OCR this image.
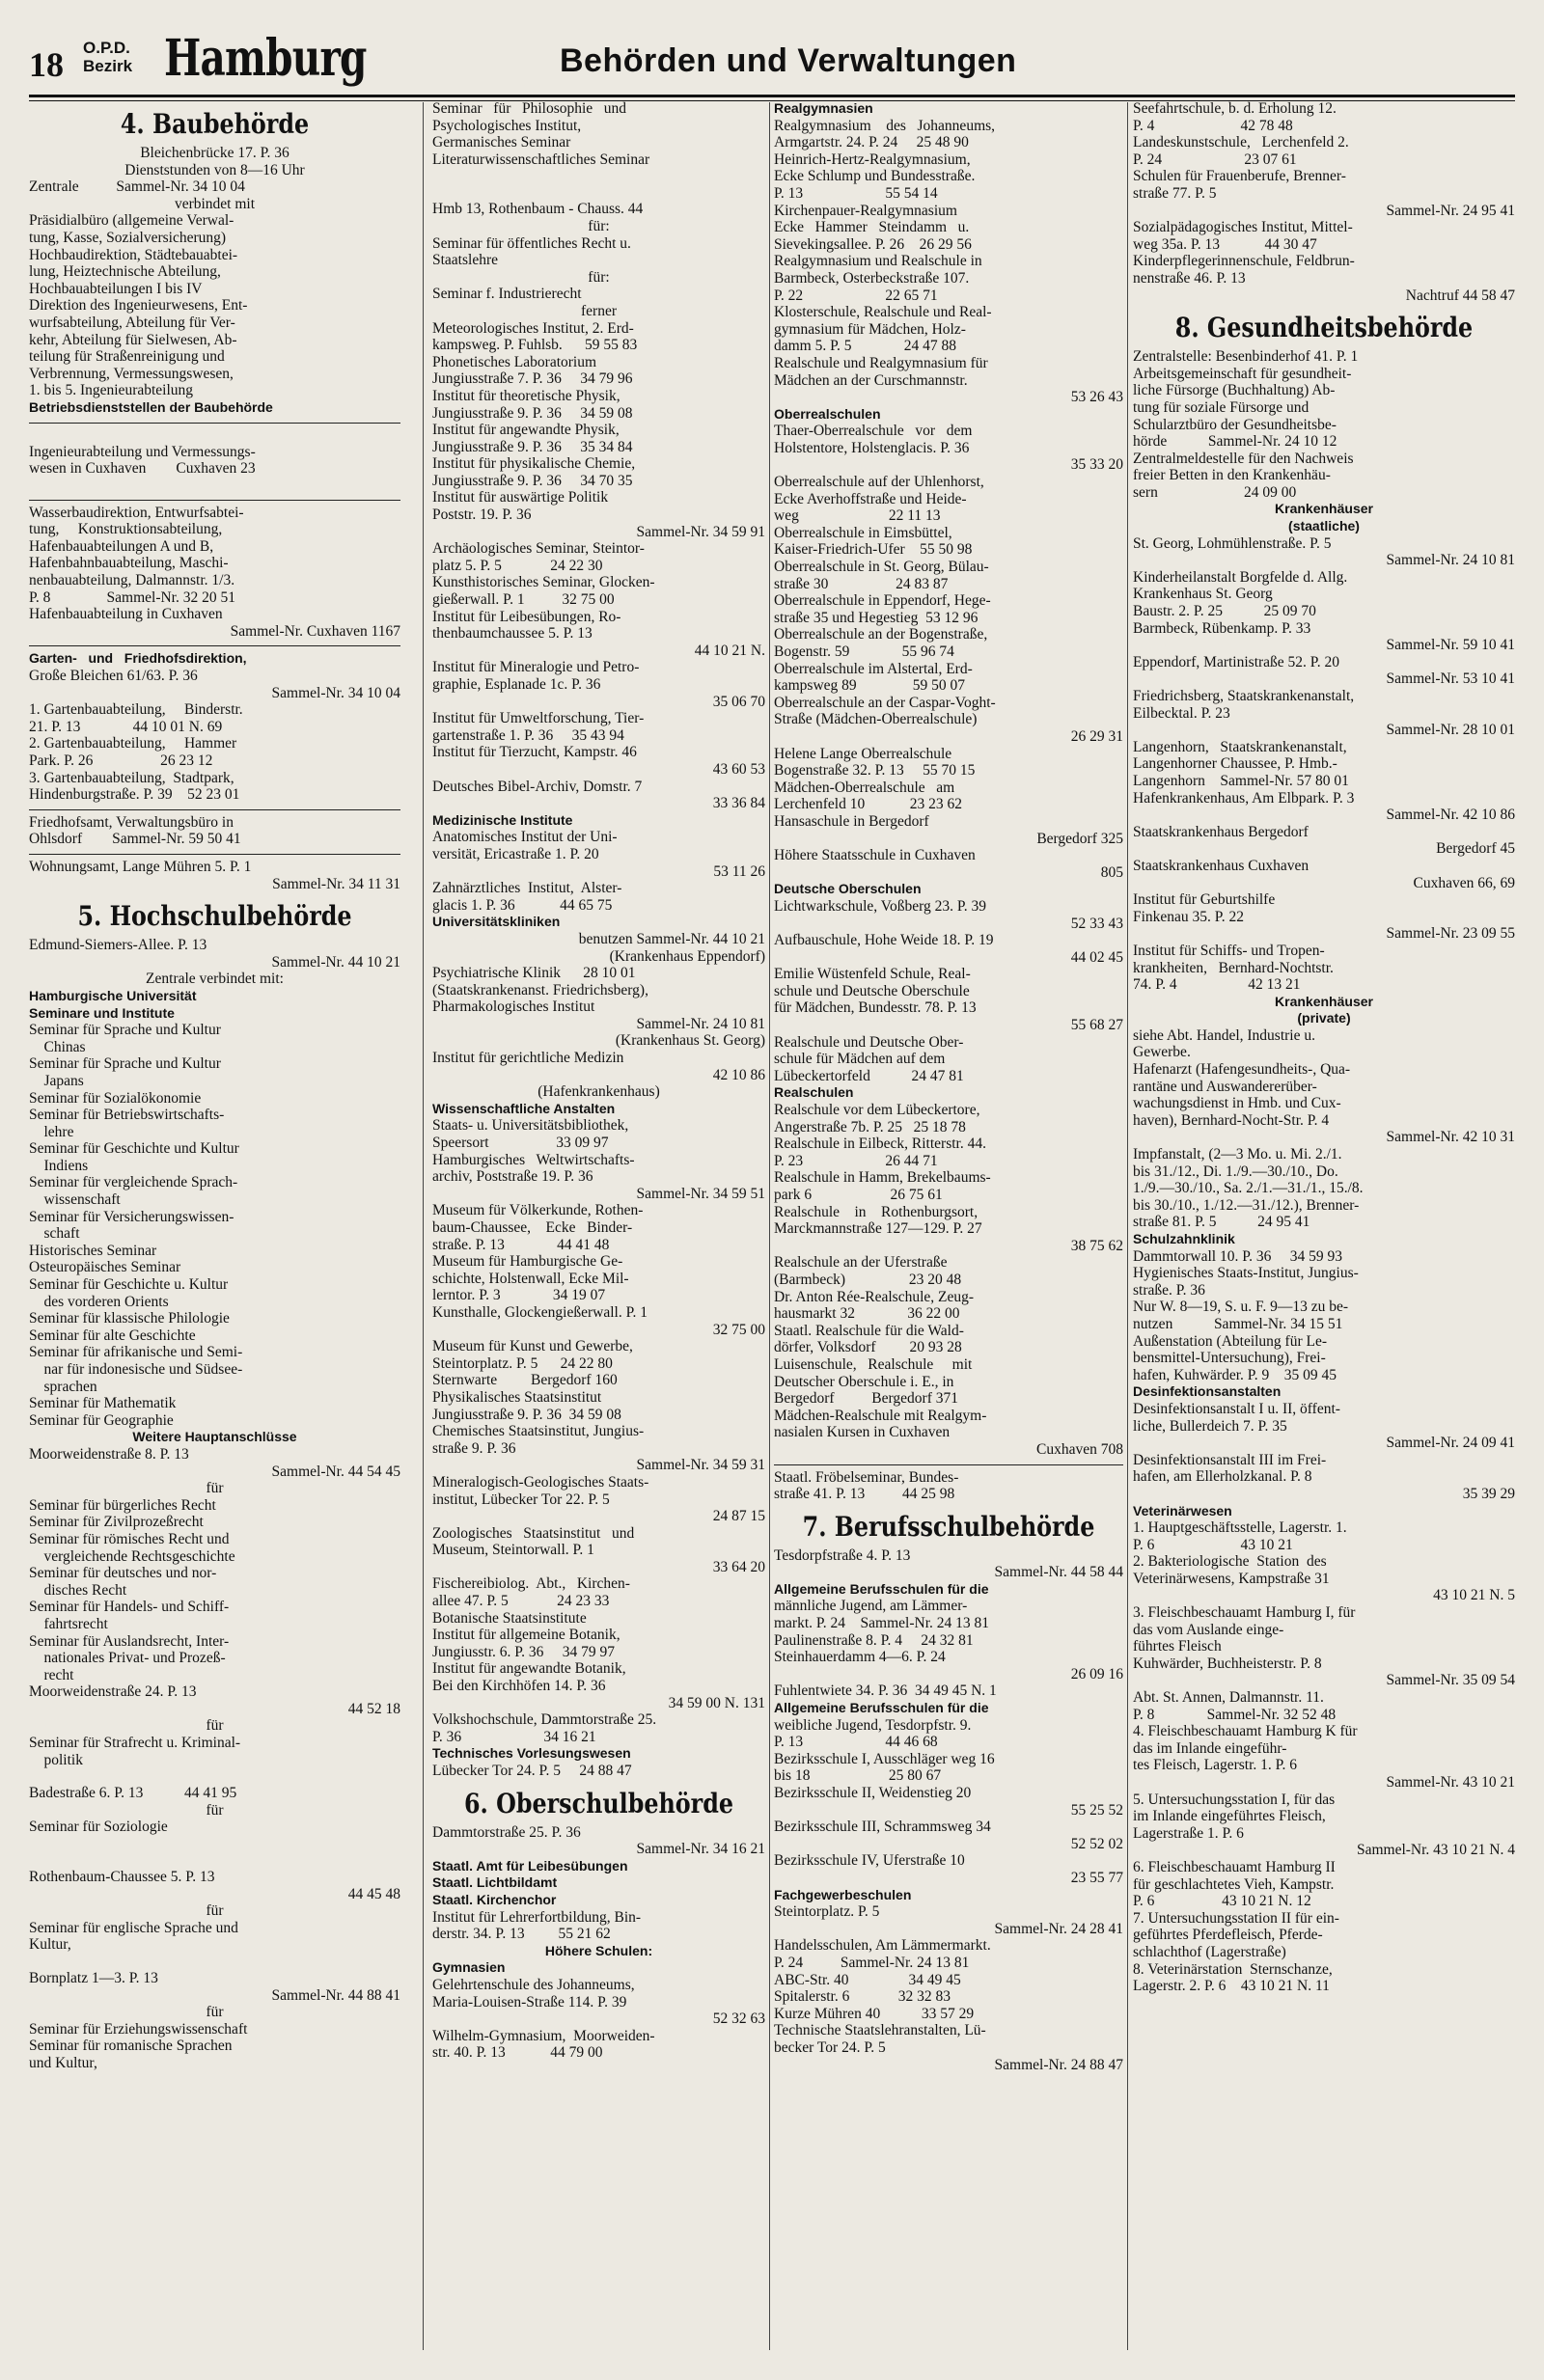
18 O.P.D.
Bezirk Hamburg	Behörden und Verwaltungen
4. Baubehörde
Bleichenbrücke 17. P. 36
Dienststunden von 8—16 Uhr
Zentrale          Sammel-Nr. 34 10 04
verbindet mit
Präsidialbüro (allgemeine Verwal-
tung, Kasse, Sozialversicherung)
Hochbaudirektion, Städtebauabtei-
lung, Heiztechnische Abteilung,
Hochbauabteilungen I bis IV
Direktion des Ingenieurwesens, Ent-
wurfsabteilung, Abteilung für Ver-
kehr, Abteilung für Sielwesen, Ab-
teilung für Straßenreinigung und
Verbrennung, Vermessungswesen,
1. bis 5. Ingenieurabteilung
Betriebsdienststellen der Baubehörde
Ingenieurabteilung und Vermessungs-
wesen in Cuxhaven        Cuxhaven 23
Wasserbaudirektion, Entwurfsabtei-
tung,     Konstruktionsabteilung,
Hafenbauabteilungen A und B,
Hafenbahnbauabteilung, Maschi-
nenbauabteilung, Dalmannstr. 1/3.
P. 8               Sammel-Nr. 32 20 51
Hafenbauabteilung in Cuxhaven
Sammel-Nr. Cuxhaven 1167
Garten-   und   Friedhofsdirektion,
Große Bleichen 61/63. P. 36
Sammel-Nr. 34 10 04
1. Gartenbauabteilung,     Binderstr.
21. P. 13              44 10 01 N. 69
2. Gartenbauabteilung,     Hammer
Park. P. 26                  26 23 12
3. Gartenbauabteilung,  Stadtpark,
Hindenburgstraße. P. 39    52 23 01
Friedhofsamt, Verwaltungsbüro in
Ohlsdorf        Sammel-Nr. 59 50 41
Wohnungsamt, Lange Mühren 5. P. 1
Sammel-Nr. 34 11 31
5. Hochschulbehörde
Edmund-Siemers-Allee. P. 13
Sammel-Nr. 44 10 21
Zentrale verbindet mit:
Hamburgische Universität
Seminare und Institute
Seminar für Sprache und Kultur
Chinas
Seminar für Sprache und Kultur
Japans
Seminar für Sozialökonomie
Seminar für Betriebswirtschafts-
lehre
Seminar für Geschichte und Kultur
Indiens
Seminar für vergleichende Sprach-
wissenschaft
Seminar für Versicherungswissen-
schaft
Historisches Seminar
Osteuropäisches Seminar
Seminar für Geschichte u. Kultur
des vorderen Orients
Seminar für klassische Philologie
Seminar für alte Geschichte
Seminar für afrikanische und Semi-
nar für indonesische und Südsee-
sprachen
Seminar für Mathematik
Seminar für Geographie
Weitere Hauptanschlüsse
Moorweidenstraße 8. P. 13
Sammel-Nr. 44 54 45
für
Seminar für bürgerliches Recht
Seminar für Zivilprozeßrecht
Seminar für römisches Recht und
vergleichende Rechtsgeschichte
Seminar für deutsches und nor-
disches Recht
Seminar für Handels- und Schiff-
fahrtsrecht
Seminar für Auslandsrecht, Inter-
nationales Privat- und Prozeß-
recht
Moorweidenstraße 24. P. 13
44 52 18
für
Seminar für Strafrecht u. Kriminal-
politik
Badestraße 6. P. 13           44 41 95
für
Seminar für Soziologie
Rothenbaum-Chaussee 5. P. 13
44 45 48
für
Seminar für englische Sprache und
Kultur,
Bornplatz 1—3. P. 13
Sammel-Nr. 44 88 41
für
Seminar für Erziehungswissenschaft
Seminar für romanische Sprachen
und Kultur,
Seminar   für   Philosophie   und
Psychologisches Institut,
Germanisches Seminar
Literaturwissenschaftliches Seminar
Hmb 13, Rothenbaum - Chauss. 44
für:
Seminar für öffentliches Recht u.
Staatslehre
für:
Seminar f. Industrierecht
ferner
Meteorologisches Institut, 2. Erd-
kampsweg. P. Fuhlsb.      59 55 83
Phonetisches Laboratorium
Jungiusstraße 7. P. 36     34 79 96
Institut für theoretische Physik,
Jungiusstraße 9. P. 36     34 59 08
Institut für angewandte Physik,
Jungiusstraße 9. P. 36     35 34 84
Institut für physikalische Chemie,
Jungiusstraße 9. P. 36     34 70 35
Institut für auswärtige Politik
Poststr. 19. P. 36
Sammel-Nr. 34 59 91
Archäologisches Seminar, Steintor-
platz 5. P. 5             24 22 30
Kunsthistorisches Seminar, Glocken-
gießerwall. P. 1          32 75 00
Institut für Leibesübungen, Ro-
thenbaumchaussee 5. P. 13
44 10 21 N.
Institut für Mineralogie und Petro-
graphie, Esplanade 1c. P. 36
35 06 70
Institut für Umweltforschung, Tier-
gartenstraße 1. P. 36     35 43 94
Institut für Tierzucht, Kampstr. 46
43 60 53
Deutsches Bibel-Archiv, Domstr. 7
33 36 84
Medizinische Institute
Anatomisches Institut der Uni-
versität, Ericastraße 1. P. 20
53 11 26
Zahnärztliches  Institut,  Alster-
glacis 1. P. 36            44 65 75
Universitätskliniken
benutzen Sammel-Nr. 44 10 21
(Krankenhaus Eppendorf)
Psychiatrische Klinik      28 10 01
(Staatskrankenanst. Friedrichsberg),
Pharmakologisches Institut
Sammel-Nr. 24 10 81
(Krankenhaus St. Georg)
Institut für gerichtliche Medizin
42 10 86
(Hafenkrankenhaus)
Wissenschaftliche Anstalten
Staats- u. Universitätsbibliothek,
Speersort                  33 09 97
Hamburgisches   Weltwirtschafts-
archiv, Poststraße 19. P. 36
Sammel-Nr. 34 59 51
Museum für Völkerkunde, Rothen-
baum-Chaussee,    Ecke   Binder-
straße. P. 13              44 41 48
Museum für Hamburgische Ge-
schichte, Holstenwall, Ecke Mil-
lerntor. P. 3              34 19 07
Kunsthalle, Glockengießerwall. P. 1
32 75 00
Museum für Kunst und Gewerbe,
Steintorplatz. P. 5      24 22 80
Sternwarte         Bergedorf 160
Physikalisches Staatsinstitut
Jungiusstraße 9. P. 36  34 59 08
Chemisches Staatsinstitut, Jungius-
straße 9. P. 36
Sammel-Nr. 34 59 31
Mineralogisch-Geologisches Staats-
institut, Lübecker Tor 22. P. 5
24 87 15
Zoologisches   Staatsinstitut   und
Museum, Steintorwall. P. 1
33 64 20
Fischereibiolog.  Abt.,   Kirchen-
allee 47. P. 5             24 23 33
Botanische Staatsinstitute
Institut für allgemeine Botanik,
Jungiusstr. 6. P. 36     34 79 97
Institut für angewandte Botanik,
Bei den Kirchhöfen 14. P. 36
34 59 00 N. 131
Volkshochschule, Dammtorstraße 25.
P. 36                      34 16 21
Technisches Vorlesungswesen
Lübecker Tor 24. P. 5     24 88 47
6. Oberschulbehörde
Dammtorstraße 25. P. 36
Sammel-Nr. 34 16 21
Staatl. Amt für Leibesübungen
Staatl. Lichtbildamt
Staatl. Kirchenchor
Institut für Lehrerfortbildung, Bin-
derstr. 34. P. 13         55 21 62
Höhere Schulen:
Gymnasien
Gelehrtenschule des Johanneums,
Maria-Louisen-Straße 114. P. 39
52 32 63
Wilhelm-Gymnasium,  Moorweiden-
str. 40. P. 13            44 79 00
Realgymnasien
Realgymnasium    des   Johanneums,
Armgartstr. 24. P. 24     25 48 90
Heinrich-Hertz-Realgymnasium,
Ecke Schlump und Bundesstraße.
P. 13                      55 54 14
Kirchenpauer-Realgymnasium
Ecke   Hammer   Steindamm   u.
Sievekingsallee. P. 26    26 29 56
Realgymnasium und Realschule in
Barmbeck, Osterbeckstraße 107.
P. 22                      22 65 71
Klosterschule, Realschule und Real-
gymnasium für Mädchen, Holz-
damm 5. P. 5              24 47 88
Realschule und Realgymnasium für
Mädchen an der Curschmannstr.
53 26 43
Oberrealschulen
Thaer-Oberrealschule   vor   dem
Holstentore, Holstenglacis. P. 36
35 33 20
Oberrealschule auf der Uhlenhorst,
Ecke Averhoffstraße und Heide-
weg                        22 11 13
Oberrealschule in Eimsbüttel,
Kaiser-Friedrich-Ufer    55 50 98
Oberrealschule in St. Georg, Bülau-
straße 30                  24 83 87
Oberrealschule in Eppendorf, Hege-
straße 35 und Hegestieg  53 12 96
Oberrealschule an der Bogenstraße,
Bogenstr. 59              55 96 74
Oberrealschule im Alstertal, Erd-
kampsweg 89               59 50 07
Oberrealschule an der Caspar-Voght-
Straße (Mädchen-Oberrealschule)
26 29 31
Helene Lange Oberrealschule
Bogenstraße 32. P. 13     55 70 15
Mädchen-Oberrealschule   am
Lerchenfeld 10            23 23 62
Hansaschule in Bergedorf
Bergedorf 325
Höhere Staatsschule in Cuxhaven
805
Deutsche Oberschulen
Lichtwarkschule, Voßberg 23. P. 39
52 33 43
Aufbauschule, Hohe Weide 18. P. 19
44 02 45
Emilie Wüstenfeld Schule, Real-
schule und Deutsche Oberschule
für Mädchen, Bundesstr. 78. P. 13
55 68 27
Realschule und Deutsche Ober-
schule für Mädchen auf dem
Lübeckertorfeld           24 47 81
Realschulen
Realschule vor dem Lübeckertore,
Angerstraße 7b. P. 25   25 18 78
Realschule in Eilbeck, Ritterstr. 44.
P. 23                      26 44 71
Realschule in Hamm, Brekelbaums-
park 6                     26 75 61
Realschule    in    Rothenburgsort,
Marckmannstraße 127—129. P. 27
38 75 62
Realschule an der Uferstraße
(Barmbeck)                 23 20 48
Dr. Anton Rée-Realschule, Zeug-
hausmarkt 32              36 22 00
Staatl. Realschule für die Wald-
dörfer, Volksdorf         20 93 28
Luisenschule,   Realschule     mit
Deutscher Oberschule i. E., in
Bergedorf          Bergedorf 371
Mädchen-Realschule mit Realgym-
nasialen Kursen in Cuxhaven
Cuxhaven 708
Staatl. Fröbelseminar, Bundes-
straße 41. P. 13          44 25 98
7. Berufsschulbehörde
Tesdorpfstraße 4. P. 13
Sammel-Nr. 44 58 44
Allgemeine Berufsschulen für die
männliche Jugend, am Lämmer-
markt. P. 24    Sammel-Nr. 24 13 81
Paulinenstraße 8. P. 4     24 32 81
Steinhauerdamm 4—6. P. 24
26 09 16
Fuhlentwiete 34. P. 36  34 49 45 N. 1
Allgemeine Berufsschulen für die
weibliche Jugend, Tesdorpfstr. 9.
P. 13                      44 46 68
Bezirksschule I, Ausschläger weg 16
bis 18                     25 80 67
Bezirksschule II, Weidenstieg 20
55 25 52
Bezirksschule III, Schrammsweg 34
52 52 02
Bezirksschule IV, Uferstraße 10
23 55 77
Fachgewerbeschulen
Steintorplatz. P. 5
Sammel-Nr. 24 28 41
Handelsschulen, Am Lämmermarkt.
P. 24          Sammel-Nr. 24 13 81
ABC-Str. 40                34 49 45
Spitalerstr. 6             32 32 83
Kurze Mühren 40           33 57 29
Technische Staatslehranstalten, Lü-
becker Tor 24. P. 5
Sammel-Nr. 24 88 47
Seefahrtschule, b. d. Erholung 12.
P. 4                       42 78 48
Landeskunstschule,   Lerchenfeld 2.
P. 24                      23 07 61
Schulen für Frauenberufe, Brenner-
straße 77. P. 5
Sammel-Nr. 24 95 41
Sozialpädagogisches Institut, Mittel-
weg 35a. P. 13            44 30 47
Kinderpflegerinnenschule, Feldbrun-
nenstraße 46. P. 13
Nachtruf 44 58 47
8. Gesundheitsbehörde
Zentralstelle: Besenbinderhof 41. P. 1
Arbeitsgemeinschaft für gesundheit-
liche Fürsorge (Buchhaltung) Ab-
tung für soziale Fürsorge und
Schularztbüro der Gesundheitsbe-
hörde           Sammel-Nr. 24 10 12
Zentralmeldestelle für den Nachweis
freier Betten in den Krankenhäu-
sern                       24 09 00
Krankenhäuser
(staatliche)
St. Georg, Lohmühlenstraße. P. 5
Sammel-Nr. 24 10 81
Kinderheilanstalt Borgfelde d. Allg.
Krankenhaus St. Georg
Baustr. 2. P. 25           25 09 70
Barmbeck, Rübenkamp. P. 33
Sammel-Nr. 59 10 41
Eppendorf, Martinistraße 52. P. 20
Sammel-Nr. 53 10 41
Friedrichsberg, Staatskrankenanstalt,
Eilbecktal. P. 23
Sammel-Nr. 28 10 01
Langenhorn,   Staatskrankenanstalt,
Langenhorner Chaussee, P. Hmb.-
Langenhorn    Sammel-Nr. 57 80 01
Hafenkrankenhaus, Am Elbpark. P. 3
Sammel-Nr. 42 10 86
Staatskrankenhaus Bergedorf
Bergedorf 45
Staatskrankenhaus Cuxhaven
Cuxhaven 66, 69
Institut für Geburtshilfe
Finkenau 35. P. 22
Sammel-Nr. 23 09 55
Institut für Schiffs- und Tropen-
krankheiten,   Bernhard-Nochtstr.
74. P. 4                   42 13 21
Krankenhäuser
(private)
siehe Abt. Handel, Industrie u.
Gewerbe.
Hafenarzt (Hafengesundheits-, Qua-
rantäne und Auswandererüber-
wachungsdienst in Hmb. und Cux-
haven), Bernhard-Nocht-Str. P. 4
Sammel-Nr. 42 10 31
Impfanstalt, (2—3 Mo. u. Mi. 2./1.
bis 31./12., Di. 1./9.—30./10., Do.
1./9.—30./10., Sa. 2./1.—31./1., 15./8.
bis 30./10., 1./12.—31./12.), Brenner-
straße 81. P. 5           24 95 41
Schulzahnklinik
Dammtorwall 10. P. 36     34 59 93
Hygienisches Staats-Institut, Jungius-
straße. P. 36
Nur W. 8—19, S. u. F. 9—13 zu be-
nutzen           Sammel-Nr. 34 15 51
Außenstation (Abteilung für Le-
bensmittel-Untersuchung), Frei-
hafen, Kuhwärder. P. 9    35 09 45
Desinfektionsanstalten
Desinfektionsanstalt I u. II, öffent-
liche, Bullerdeich 7. P. 35
Sammel-Nr. 24 09 41
Desinfektionsanstalt III im Frei-
hafen, am Ellerholzkanal. P. 8
35 39 29
Veterinärwesen
1. Hauptgeschäftsstelle, Lagerstr. 1.
P. 6                       43 10 21
2. Bakteriologische  Station  des
Veterinärwesens, Kampstraße 31
43 10 21 N. 5
3. Fleischbeschauamt Hamburg I, für
das vom Auslande einge-
führtes Fleisch
Kuhwärder, Buchheisterstr. P. 8
Sammel-Nr. 35 09 54
Abt. St. Annen, Dalmannstr. 11.
P. 8              Sammel-Nr. 32 52 48
4. Fleischbeschauamt Hamburg K für
das im Inlande eingeführ-
tes Fleisch, Lagerstr. 1. P. 6
Sammel-Nr. 43 10 21
5. Untersuchungsstation I, für das
im Inlande eingeführtes Fleisch,
Lagerstraße 1. P. 6
Sammel-Nr. 43 10 21 N. 4
6. Fleischbeschauamt Hamburg II
für geschlachtetes Vieh, Kampstr.
P. 6                  43 10 21 N. 12
7. Untersuchungsstation II für ein-
geführtes Pferdefleisch, Pferde-
schlachthof (Lagerstraße)
8. Veterinärstation  Sternschanze,
Lagerstr. 2. P. 6    43 10 21 N. 11
